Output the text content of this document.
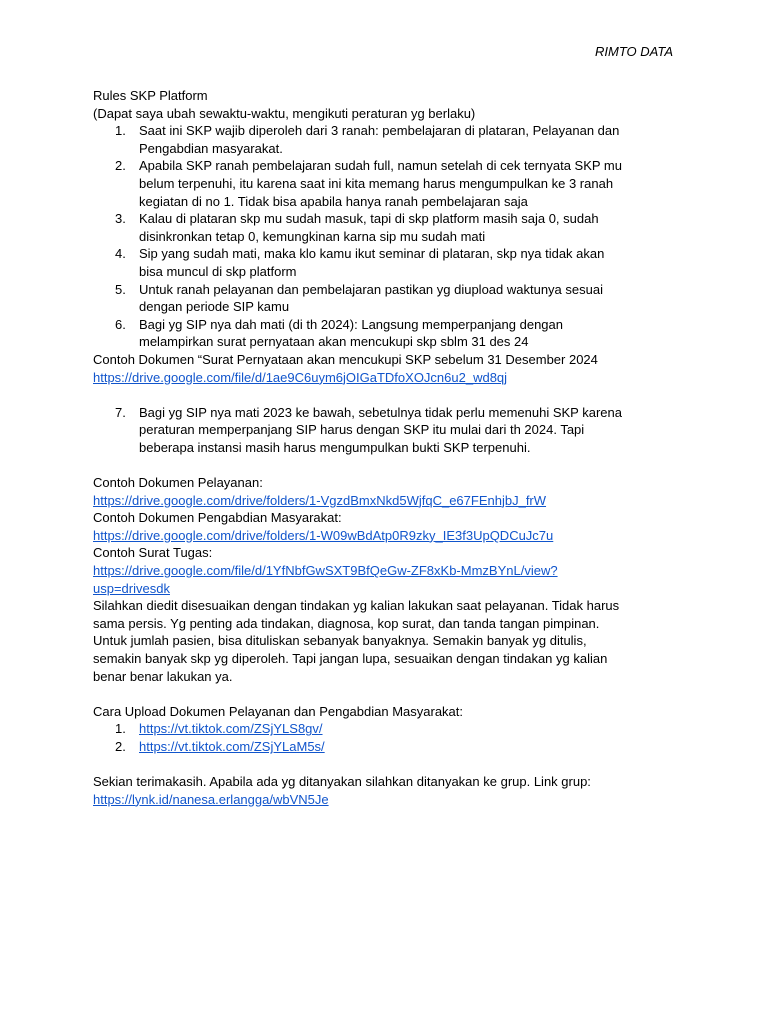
RIMTO DATA
Rules SKP Platform
(Dapat saya ubah sewaktu-waktu, mengikuti peraturan yg berlaku)
1. Saat ini SKP wajib diperoleh dari 3 ranah: pembelajaran di plataran, Pelayanan dan
Pengabdian masyarakat.
2. Apabila SKP ranah pembelajaran sudah full, namun setelah di cek ternyata SKP mu
belum terpenuhi, itu karena saat ini kita memang harus mengumpulkan ke 3 ranah
kegiatan di no 1. Tidak bisa apabila hanya ranah pembelajaran saja
3. Kalau di plataran skp mu sudah masuk, tapi di skp platform masih saja 0, sudah
disinkronkan tetap 0, kemungkinan karna sip mu sudah mati
4. Sip yang sudah mati, maka klo kamu ikut seminar di plataran, skp nya tidak akan
bisa muncul di skp platform
5. Untuk ranah pelayanan dan pembelajaran pastikan yg diupload waktunya sesuai
dengan periode SIP kamu
6. Bagi yg SIP nya dah mati (di th 2024): Langsung memperpanjang dengan
melampirkan surat pernyataan akan mencukupi skp sblm 31 des 24
Contoh Dokumen “Surat Pernyataan akan mencukupi SKP sebelum 31 Desember 2024
https://drive.google.com/file/d/1ae9C6uym6jOIGaTDfoXOJcn6u2_wd8qj
7. Bagi yg SIP nya mati 2023 ke bawah, sebetulnya tidak perlu memenuhi SKP karena
peraturan memperpanjang SIP harus dengan SKP itu mulai dari th 2024. Tapi
beberapa instansi masih harus mengumpulkan bukti SKP terpenuhi.
Contoh Dokumen Pelayanan:
https://drive.google.com/drive/folders/1-VgzdBmxNkd5WjfqC_e67FEnhjbJ_frW
Contoh Dokumen Pengabdian Masyarakat:
https://drive.google.com/drive/folders/1-W09wBdAtp0R9zky_IE3f3UpQDCuJc7u
Contoh Surat Tugas:
https://drive.google.com/file/d/1YfNbfGwSXT9BfQeGw-ZF8xKb-MmzBYnL/view?
usp=drivesdk
Silahkan diedit disesuaikan dengan tindakan yg kalian lakukan saat pelayanan. Tidak harus
sama persis. Yg penting ada tindakan, diagnosa, kop surat, dan tanda tangan pimpinan.
Untuk jumlah pasien, bisa dituliskan sebanyak banyaknya. Semakin banyak yg ditulis,
semakin banyak skp yg diperoleh. Tapi jangan lupa, sesuaikan dengan tindakan yg kalian
benar benar lakukan ya.
Cara Upload Dokumen Pelayanan dan Pengabdian Masyarakat:
1. https://vt.tiktok.com/ZSjYLS8gv/
2. https://vt.tiktok.com/ZSjYLaM5s/
Sekian terimakasih. Apabila ada yg ditanyakan silahkan ditanyakan ke grup. Link grup:
https://lynk.id/nanesa.erlangga/wbVN5Je
